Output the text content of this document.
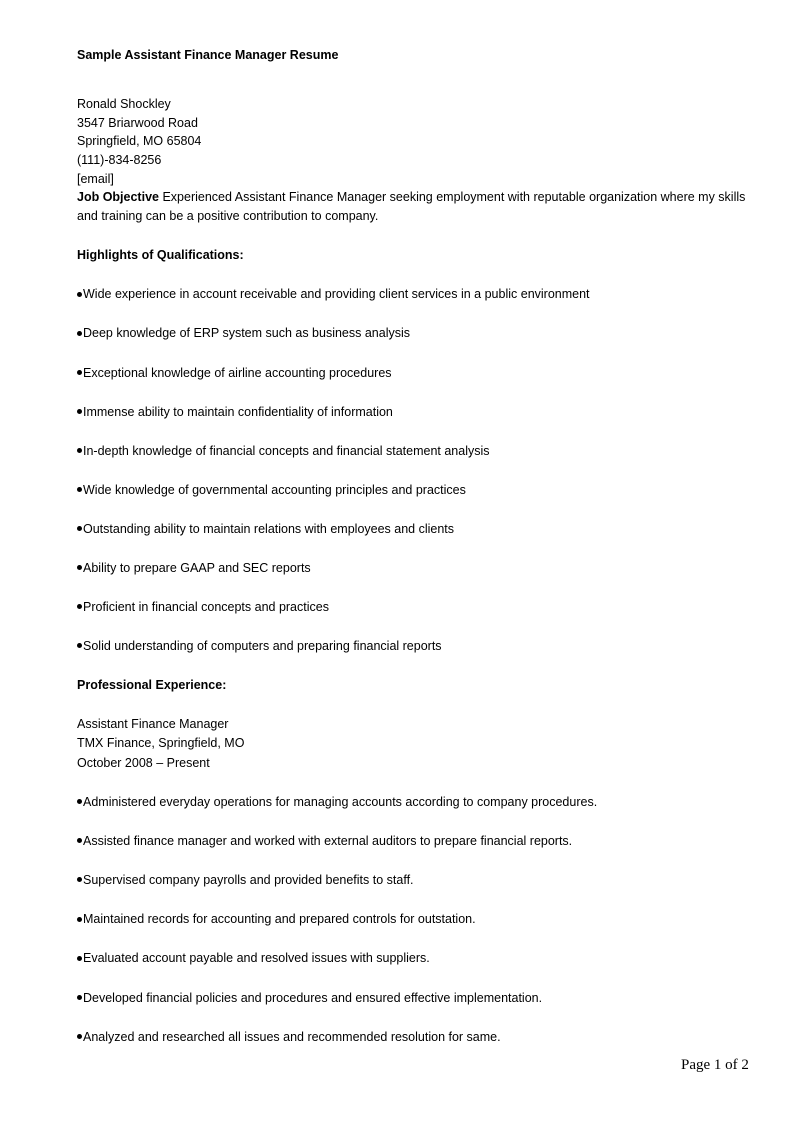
Sample Assistant Finance Manager Resume
Ronald Shockley
3547 Briarwood Road
Springfield, MO 65804
(111)-834-8256
[email]

Job Objective Experienced Assistant Finance Manager seeking employment with reputable organization where my skills and training can be a positive contribution to company.

Highlights of Qualifications:
Wide experience in account receivable and providing client services in a public environment
Deep knowledge of ERP system such as business analysis
Exceptional knowledge of airline accounting procedures
Immense ability to maintain confidentiality of information
In-depth knowledge of financial concepts and financial statement analysis
Wide knowledge of governmental accounting principles and practices
Outstanding ability to maintain relations with employees and clients
Ability to prepare GAAP and SEC reports
Proficient in financial concepts and practices
Solid understanding of computers and preparing financial reports
Professional Experience:
Assistant Finance Manager
TMX Finance, Springfield, MO
October 2008 – Present
Administered everyday operations for managing accounts according to company procedures.
Assisted finance manager and worked with external auditors to prepare financial reports.
Supervised company payrolls and provided benefits to staff.
Maintained records for accounting and prepared controls for outstation.
Evaluated account payable and resolved issues with suppliers.
Developed financial policies and procedures and ensured effective implementation.
Analyzed and researched all issues and recommended resolution for same.
Page 1 of 2
